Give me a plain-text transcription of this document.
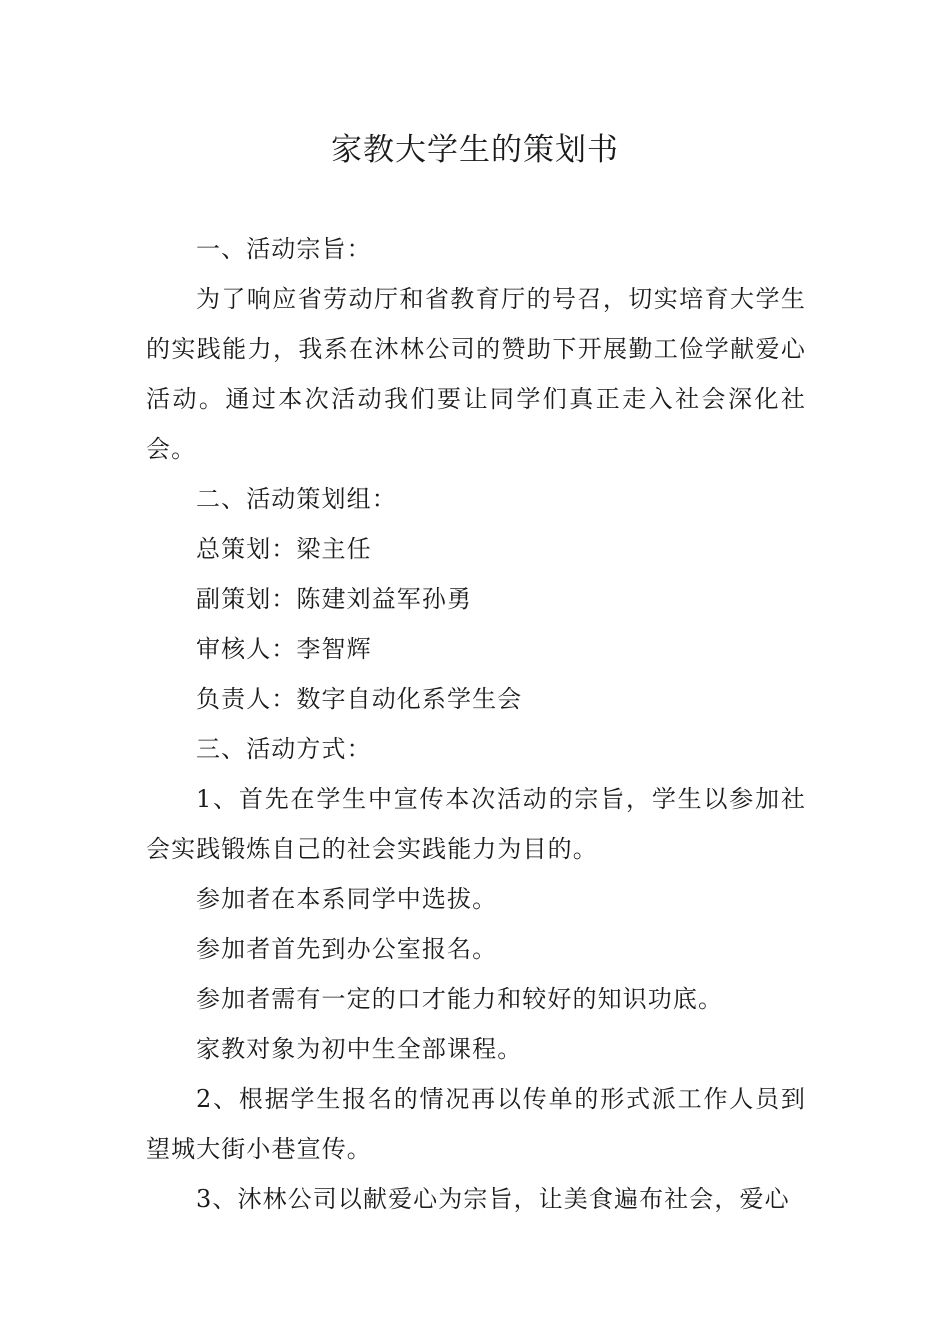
家教大学生的策划书

一、活动宗旨：

为了响应省劳动厅和省教育厅的号召，切实培育大学生的实践能力，我系在沐林公司的赞助下开展勤工俭学献爱心活动。通过本次活动我们要让同学们真正走入社会深化社会。

二、活动策划组：

总策划：梁主任

副策划：陈建刘益军孙勇

审核人：李智辉

负责人：数字自动化系学生会

三、活动方式：

1、首先在学生中宣传本次活动的宗旨，学生以参加社会实践锻炼自己的社会实践能力为目的。

参加者在本系同学中选拔。

参加者首先到办公室报名。

参加者需有一定的口才能力和较好的知识功底。

家教对象为初中生全部课程。

2、根据学生报名的情况再以传单的形式派工作人员到望城大街小巷宣传。

3、沐林公司以献爱心为宗旨，让美食遍布社会，爱心
